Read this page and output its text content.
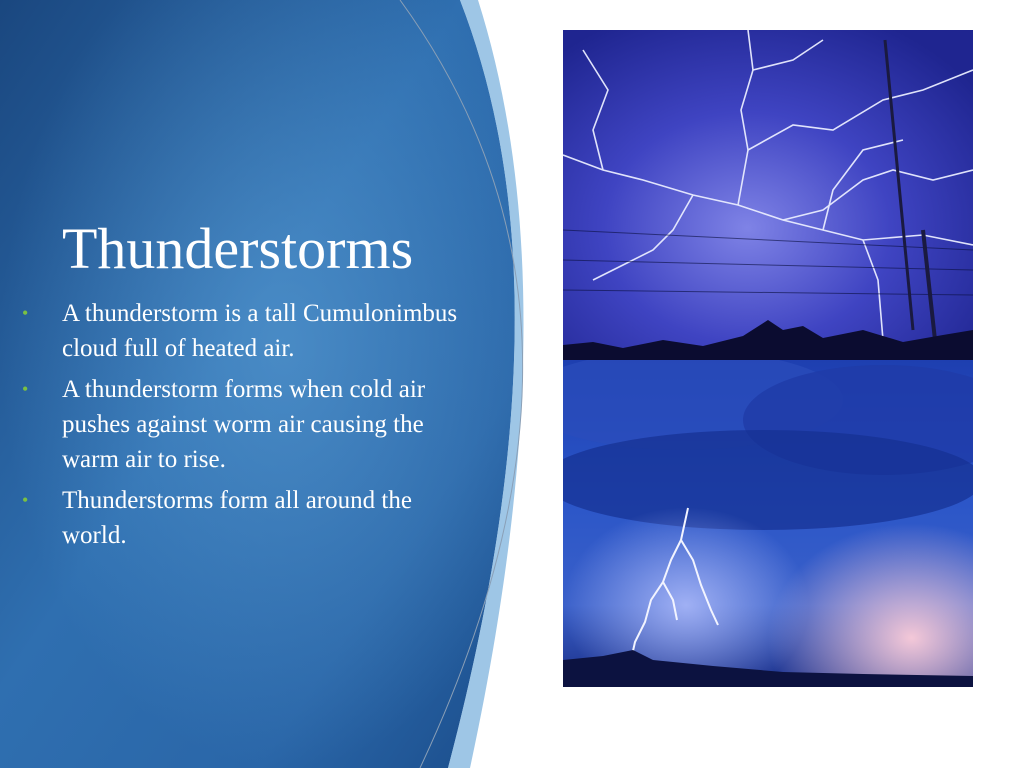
Thunderstorms
•	A thunderstorm is a tall Cumulonimbus cloud full of heated air.
•	A thunderstorm forms when cold air pushes against worm air causing the warm air to rise.
•	Thunderstorms form all around the world.
